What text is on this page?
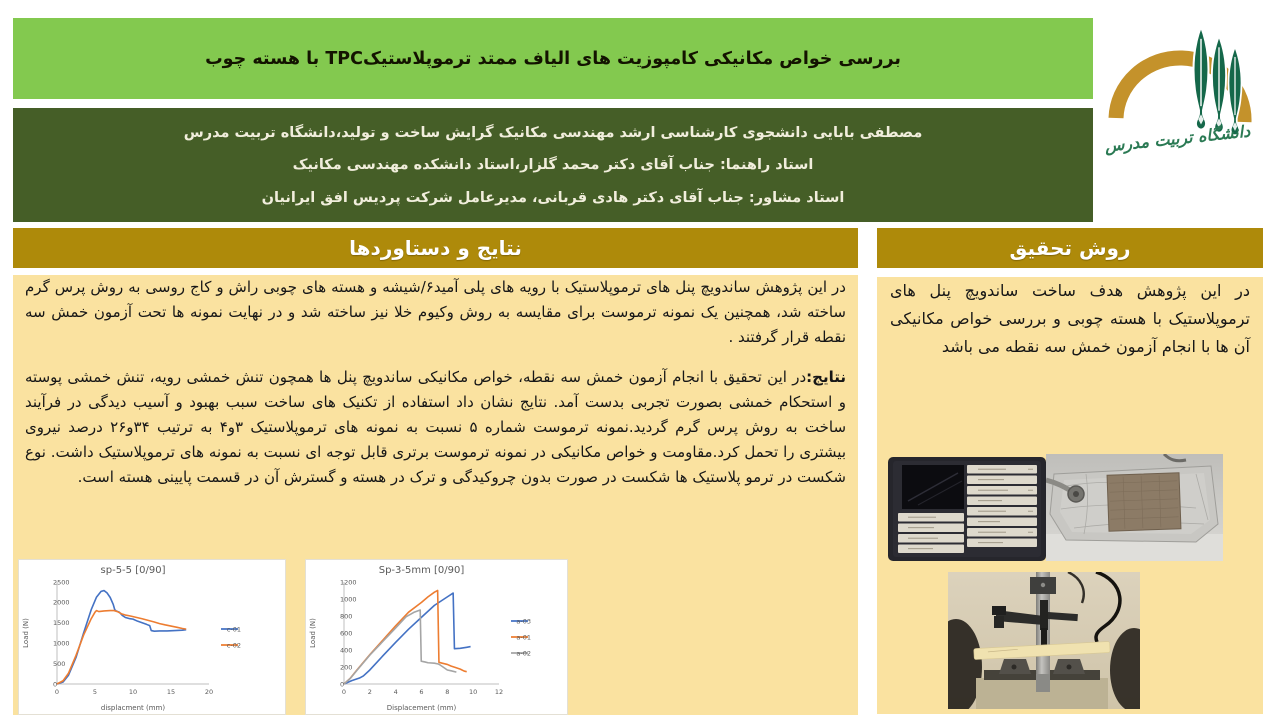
بررسی خواص مکانیکی کامپوزیت های الیاف ممتد ترموپلاستیکTPC با هسته چوب
دانشگاه تربیت مدرس

مصطفی بابایی دانشجوی کارشناسی ارشد مهندسی مکانیک گرایش ساخت و تولید،دانشگاه تربیت مدرس

استاد راهنما: جناب آقای دکتر محمد گلزار،استاد دانشکده مهندسی مکانیک

استاد مشاور: جناب آقای دکتر هادی قربانی، مدیرعامل شرکت پردیس افق ایرانیان

نتایج و دستاوردها

در این پژوهش ساندویچ پنل های ترموپلاستیک با رویه های پلی آمید۶/شیشه و هسته های چوبی راش و کاج روسی به روش پرس گرم ساخته شد، همچنین یک نمونه ترموست برای مقایسه به روش وکیوم خلا نیز ساخته شد و در نهایت نمونه ها تحت آزمون خمش سه نقطه قرار گرفتند .

نتایج:در این تحقیق با انجام آزمون خمش سه نقطه، خواص مکانیکی ساندویچ پنل ها همچون تنش خمشی رویه، تنش خمشی پوسته و استحکام خمشی بصورت تجربی بدست آمد. نتایج نشان داد استفاده از تکنیک های ساخت سبب بهبود و آسیب دیدگی در فرآیند ساخت به روش پرس گرم گردید.نمونه ترموست شماره ۵ نسبت به نمونه های ترموپلاستیک ۳و۴ به ترتیب ۳۴و۲۶ درصد نیروی بیشتری را تحمل کرد.مقاومت و خواص مکانیکی در نمونه ترموست برتری قابل توجه ای نسبت به نمونه های ترموپلاستیک داشت. نوع شکست در ترمو پلاستیک ها شکست در صورت بدون چروکیدگی و ترک در هسته و گسترش آن در قسمت پایینی هسته است.

0
500
1000
1500
2000
2500
0	5	10	15	20
sp-5-5 [0/90]
displacment (mm)
Load (N)	c-01
c-02
0
200
400
600
800
1000
1200
0	2	4	6	8	10	12
Sp-3-5mm [0/90]
Displacement (mm)
Load (N)	a-03
a-01
a-02
روش تحقیق

در این پژوهش هدف ساخت ساندویچ پنل های ترموپلاستیک با هسته چوبی و بررسی خواص مکانیکی آن ها با انجام آزمون خمش سه نقطه می باشد
